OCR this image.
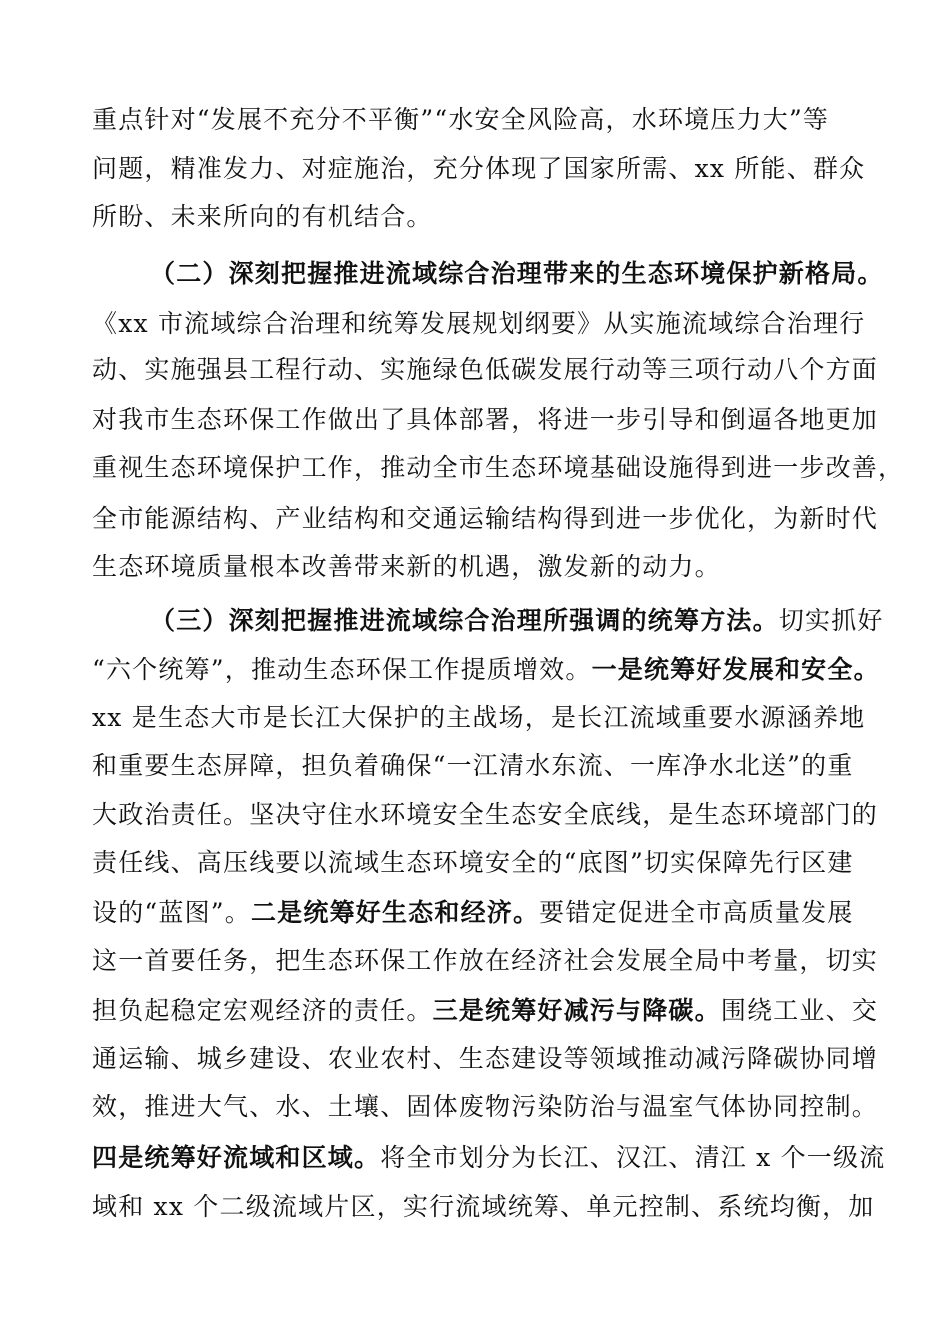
重点针对“发展不充分不平衡”“水安全风险高，水环境压力大”等
问题，精准发力、对症施治，充分体现了国家所需、xx 所能、群众
所盼、未来所向的有机结合。
（二）深刻把握推进流域综合治理带来的生态环境保护新格局。
《xx 市流域综合治理和统筹发展规划纲要》从实施流域综合治理行
动、实施强县工程行动、实施绿色低碳发展行动等三项行动八个方面
对我市生态环保工作做出了具体部署，将进一步引导和倒逼各地更加
重视生态环境保护工作，推动全市生态环境基础设施得到进一步改善，
全市能源结构、产业结构和交通运输结构得到进一步优化，为新时代
生态环境质量根本改善带来新的机遇，激发新的动力。
（三）深刻把握推进流域综合治理所强调的统筹方法。切实抓好
“六个统筹”，推动生态环保工作提质增效。一是统筹好发展和安全。
xx 是生态大市是长江大保护的主战场，是长江流域重要水源涵养地
和重要生态屏障，担负着确保“一江清水东流、一库净水北送”的重
大政治责任。坚决守住水环境安全生态安全底线，是生态环境部门的
责任线、高压线要以流域生态环境安全的“底图”切实保障先行区建
设的“蓝图”。二是统筹好生态和经济。要错定促进全市高质量发展
这一首要任务，把生态环保工作放在经济社会发展全局中考量，切实
担负起稳定宏观经济的责任。三是统筹好减污与降碳。围绕工业、交
通运输、城乡建设、农业农村、生态建设等领域推动减污降碳协同增
效，推进大气、水、土壤、固体废物污染防治与温室气体协同控制。
四是统筹好流域和区域。将全市划分为长江、汉江、清江 x 个一级流
域和 xx 个二级流域片区，实行流域统筹、单元控制、系统均衡，加
